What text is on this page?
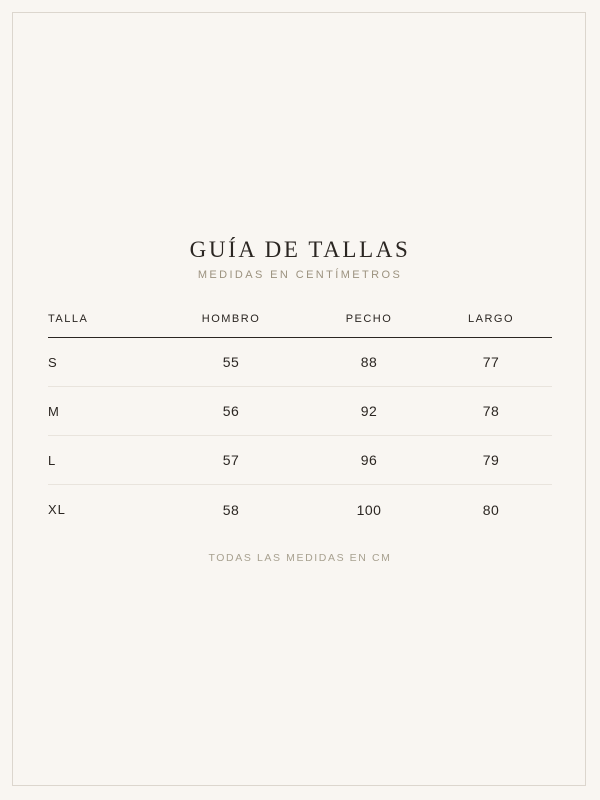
GUÍA DE TALLAS
MEDIDAS EN CENTÍMETROS
TALLA	HOMBRO	PECHO	LARGO
S	55	88	77
M	56	92	78
L	57	96	79
XL	58	100	80
TODAS LAS MEDIDAS EN CM
